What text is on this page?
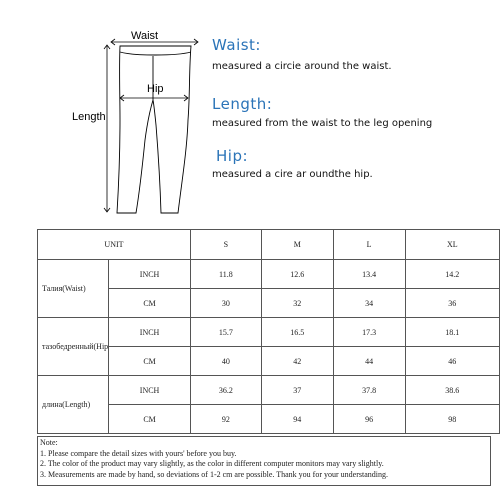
Waist
Hip
Length
Waist:
measured a circie around the waist.
Length:
measured from the waist to the leg opening
Hip:
measured a cire ar oundthe hip.
UNIT		S	M	L	XL
Талия(Waist)	INCH	11.8	12.6	13.4	14.2
	CM	30	32	34	36
тазобедренный(Hip	INCH	15.7	16.5	17.3	18.1
	CM	40	42	44	46
длина(Length)	INCH	36.2	37	37.8	38.6
	CM	92	94	96	98
Note:
1. Please compare the detail sizes with yours' before you buy.
2. The color of the product may vary slightly, as the color in different computer monitors may vary slightly.
3. Measurements are made by hand, so deviations of 1-2 cm are possible. Thank you for your understanding.
